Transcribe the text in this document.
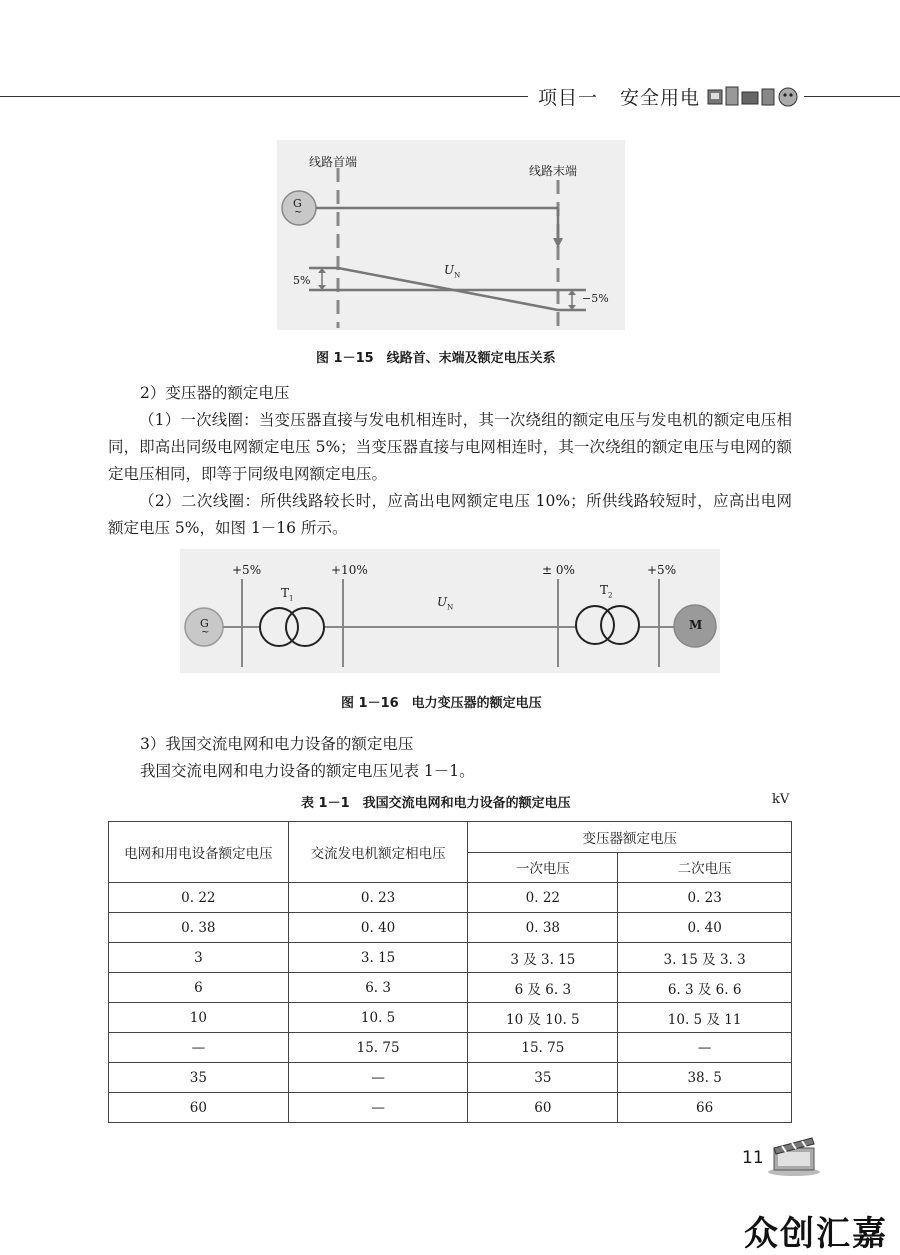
项目一 安全用电
线路首端
线路末端
G
~
$U_N$
5%
−5%
图 1－15　线路首、末端及额定电压关系
2）变压器的额定电压
（1）一次线圈：当变压器直接与发电机相连时，其一次绕组的额定电压与发电机的额定电压相同，即高出同级电网额定电压 5%；当变压器直接与电网相连时，其一次绕组的额定电压与电网的额定电压相同，即等于同级电网额定电压。
（2）二次线圈：所供线路较长时，应高出电网额定电压 10%；所供线路较短时，应高出电网额定电压 5%，如图 1－16 所示。
+5%	+10%	± 0%	+5%
$T_1$
$T_2$
$U_N$
G
~
M
图 1－16　电力变压器的额定电压
3）我国交流电网和电力设备的额定电压
我国交流电网和电力设备的额定电压见表 1－1。
表 1－1　我国交流电网和电力设备的额定电压	kV
电网和用电设备额定电压	交流发电机额定相电压	变压器额定电压	
		一次电压	二次电压
0. 22	0. 23	0. 22	0. 23
0. 38	0. 40	0. 38	0. 40
3	3. 15	3 及 3. 15	3. 15 及 3. 3
6	6. 3	6 及 6. 3	6. 3 及 6. 6
10	10. 5	10 及 10. 5	10. 5 及 11
—	15. 75	15. 75	—
35	—	35	38. 5
60	—	60	66
11
众创汇嘉
